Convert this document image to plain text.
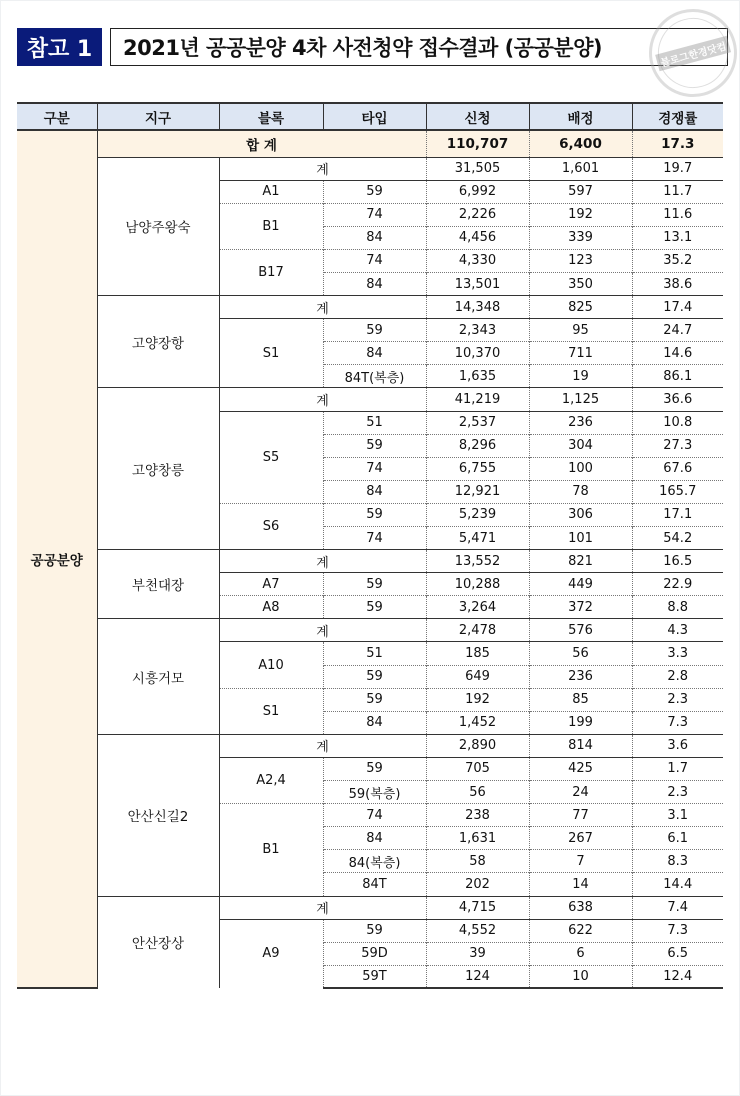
참고 1	2021년 공공분양 4차 사전청약 접수결과 (공공분양)	블로그한경닷컴
구분	지구	블록	타입	신청	배정	경쟁률
공공분양	합 계			110,707	6,400	17.3
	남양주왕숙	계		31,505	1,601	19.7
		A1	59	6,992	597	11.7
		B1	74	2,226	192	11.6
			84	4,456	339	13.1
		B17	74	4,330	123	35.2
			84	13,501	350	38.6
	고양장항	계		14,348	825	17.4
		S1	59	2,343	95	24.7
			84	10,370	711	14.6
			84T(복층)	1,635	19	86.1
	고양창릉	계		41,219	1,125	36.6
		S5	51	2,537	236	10.8
			59	8,296	304	27.3
			74	6,755	100	67.6
			84	12,921	78	165.7
		S6	59	5,239	306	17.1
			74	5,471	101	54.2
	부천대장	계		13,552	821	16.5
		A7	59	10,288	449	22.9
		A8	59	3,264	372	8.8
	시흥거모	계		2,478	576	4.3
		A10	51	185	56	3.3
			59	649	236	2.8
		S1	59	192	85	2.3
			84	1,452	199	7.3
	안산신길2	계		2,890	814	3.6
		A2,4	59	705	425	1.7
			59(복층)	56	24	2.3
		B1	74	238	77	3.1
			84	1,631	267	6.1
			84(복층)	58	7	8.3
			84T	202	14	14.4
	안산장상	계		4,715	638	7.4
		A9	59	4,552	622	7.3
			59D	39	6	6.5
			59T	124	10	12.4
